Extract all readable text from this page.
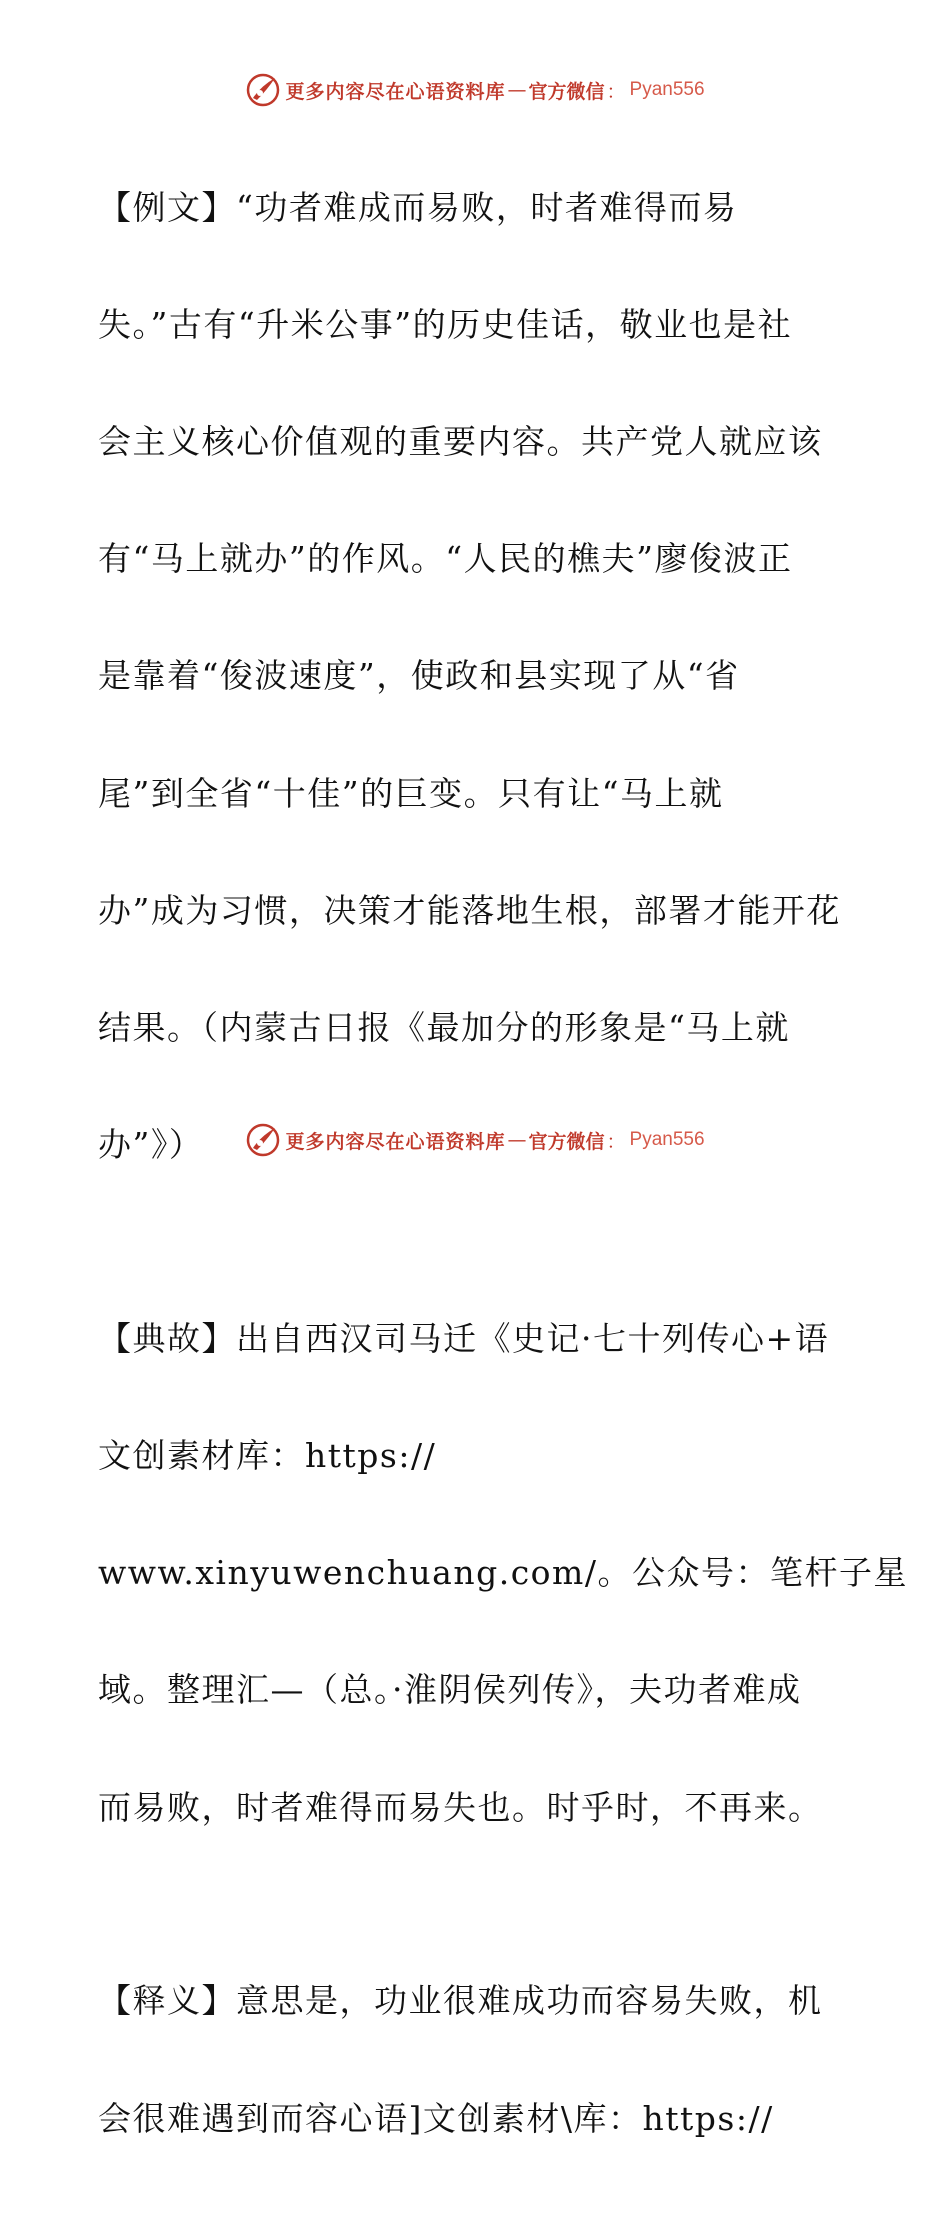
更多内容尽在心语资料库 — 官方微信 ： Pyan556

【例文】“功者难成而易败，时者难得而易

失。”古有“升米公事”的历史佳话，敬业也是社

会主义核心价值观的重要内容。共产党人就应该

有“马上就办”的作风。“人民的樵夫”廖俊波正

是靠着“俊波速度”，使政和县实现了从“省

尾”到全省“十佳”的巨变。只有让“马上就

办”成为习惯，决策才能落地生根，部署才能开花

结果。（内蒙古日报《最加分的形象是“马上就

办”》）

【典故】出自西汉司马迁《史记·七十列传心+语

文创素材库：https://

www.xinyuwenchuang.com/。公众号：笔杆子星

域。整理汇—（总。·淮阴侯列传》，夫功者难成

而易败，时者难得而易失也。时乎时，不再来。

【释义】意思是，功业很难成功而容易失败，机

会很难遇到而容心语]文创素材\库：https://

更多内容尽在心语资料库 — 官方微信 ： Pyan556
